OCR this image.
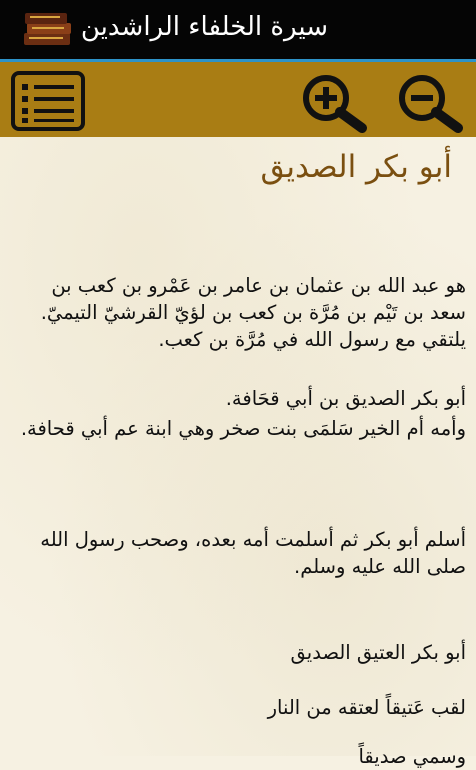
سيرة الخلفاء الراشدين
أبو بكر الصديق
هو عبد الله بن عثمان بن عامر بن عَمْرو بن كعب بن سعد بن تَيْم بن مُرَّة بن كعب بن لؤيّ القرشيّ التيميّ. يلتقي مع رسول الله في مُرَّة بن كعب.
أبو بكر الصديق بن أبي قحَافة.
وأمه أم الخير سَلمَى بنت صخر وهي ابنة عم أبي قحافة.
أسلم أبو بكر ثم أسلمت أمه بعده، وصحب رسول الله صلى الله عليه وسلم.
أبو بكر العتيق الصديق
لقب عَتيقاً لعتقه من النار
وسمي صديقاً
